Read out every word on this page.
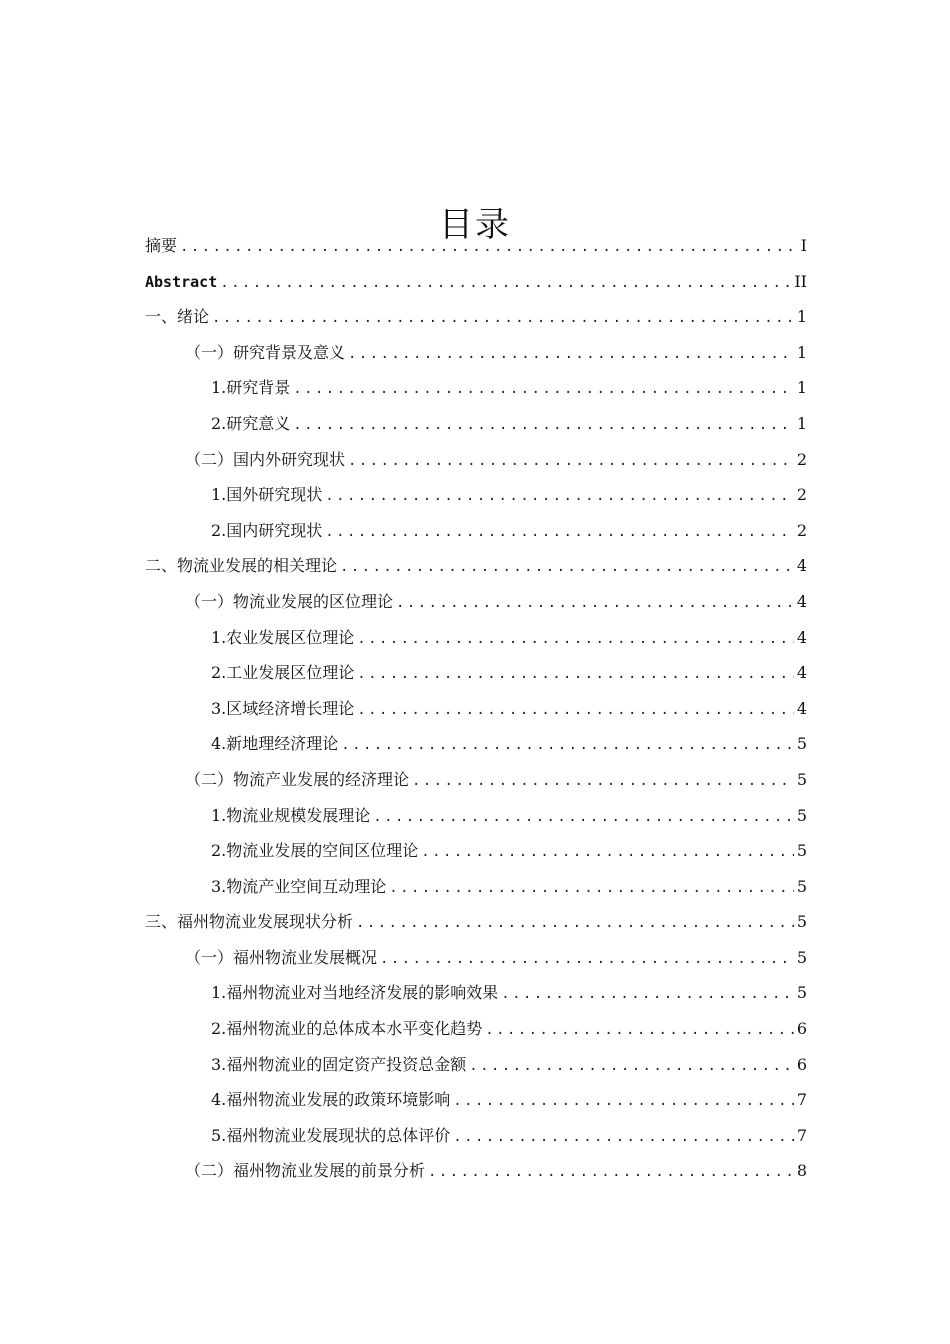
目录
摘要 .....	I
Abstract .....	II
一、绪论 .....	1
（一）研究背景及意义 .....	1
1.研究背景 .....	1
2.研究意义 .....	1
（二）国内外研究现状 .....	2
1.国外研究现状 .....	2
2.国内研究现状 .....	2
二、物流业发展的相关理论 .....	4
（一）物流业发展的区位理论 .....	4
1.农业发展区位理论 .....	4
2.工业发展区位理论 .....	4
3.区域经济增长理论 .....	4
4.新地理经济理论 .....	5
（二）物流产业发展的经济理论 .....	5
1.物流业规模发展理论 .....	5
2.物流业发展的空间区位理论 .....	5
3.物流产业空间互动理论 .....	5
三、福州物流业发展现状分析 .....	5
（一）福州物流业发展概况 .....	5
1.福州物流业对当地经济发展的影响效果 .....	5
2.福州物流业的总体成本水平变化趋势 .....	6
3.福州物流业的固定资产投资总金额 .....	6
4.福州物流业发展的政策环境影响 .....	7
5.福州物流业发展现状的总体评价 .....	7
（二）福州物流业发展的前景分析 .....	8
